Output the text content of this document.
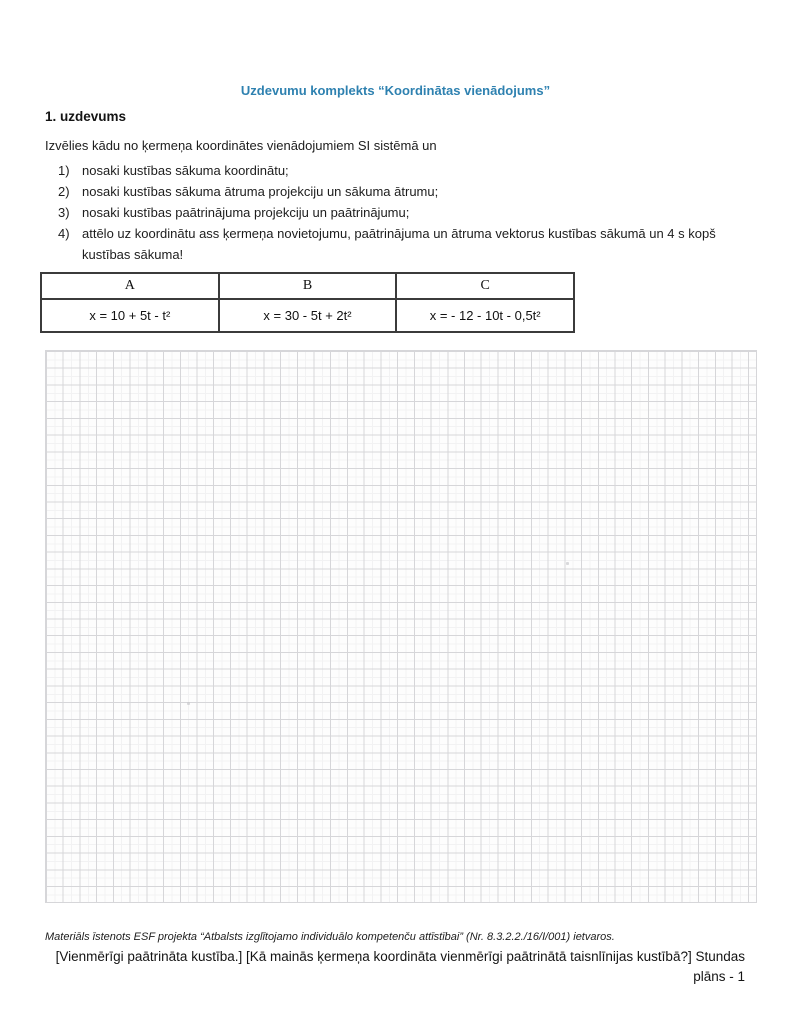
Uzdevumu komplekts “Koordinātas vienādojums”
1. uzdevums
Izvēlies kādu no ķermeņa koordinātes vienādojumiem SI sistēmā un
1) nosaki kustības sākuma koordinātu;
2) nosaki kustības sākuma ātruma projekciju un sākuma ātrumu;
3) nosaki kustības paātrinājuma projekciju un paātrinājumu;
4) attēlo uz koordinātu ass ķermeņa novietojumu, paātrinājuma un ātruma vektorus kustības sākumā un 4 s kopš kustības sākuma!
A	B	C
x = 10 + 5t - t²	x = 30 - 5t + 2t²	x = - 12 - 10t - 0,5t²
Materiāls īstenots ESF projekta “Atbalsts izglītojamo individuālo kompetenču attīstībai” (Nr. 8.3.2.2./16/I/001) ietvaros.
[Vienmērīgi paātrināta kustība.] [Kā mainās ķermeņa koordināta vienmērīgi paātrinātā taisnlīnijas kustībā?] Stundas
plāns - 1
